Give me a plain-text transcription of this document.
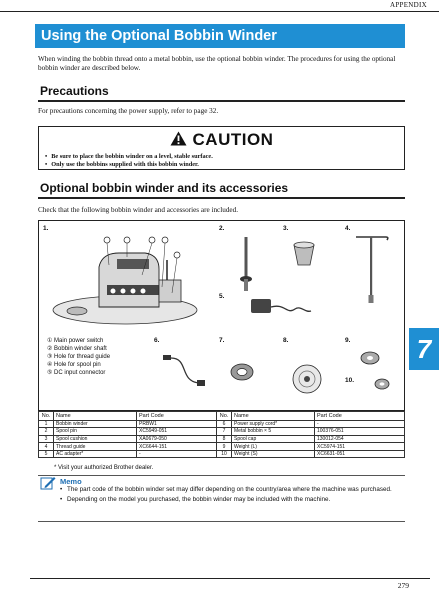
APPENDIX
Using the Optional Bobbin Winder
When winding the bobbin thread onto a metal bobbin, use the optional bobbin winder. The procedures for using the optional bobbin winder are described below.
Precautions
For precautions concerning the power supply, refer to page 32.
CAUTION
• Be sure to place the bobbin winder on a level, stable surface.
• Only use the bobbins supplied with this bobbin winder.
Optional bobbin winder and its accessories
Check that the following bobbin winder and accessories are included.
1.	2.	3.	4.
5.
6.	7.	8.	9.
10.
① Main power switch
② Bobbin winder shaft
③ Hole for thread guide
④ Hole for spool pin
⑤ DC input connector
No.	Name	Part Code	No.	Name	Part Code
1	Bobbin winder	PRBW1	6	Power supply cord*	-
2	Spool pin	XC5949-051	7	Metal bobbin × 5	100376-051
3	Spool cushion	XA0679-050	8	Spool cap	130012-054
4	Thread guide	XC6644-151	9	Weight (L)	XC5974-151
5	AC adapter*	-	10	Weight (S)	XC6631-051
* Visit your authorized Brother dealer.
Memo
• The part code of the bobbin winder set may differ depending on the country/area where the machine was purchased.
• Depending on the model you purchased, the bobbin winder may be included with the machine.
7
279
